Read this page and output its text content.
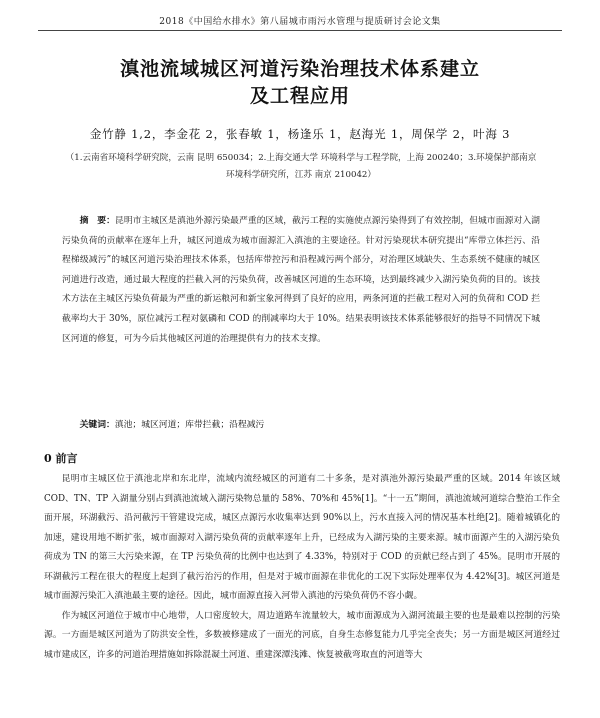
2018《中国给水排水》第八届城市雨污水管理与提质研讨会论文集
滇池流域城区河道污染治理技术体系建立
及工程应用
金竹静 1,2，李金花 2，张春敏 1，杨逢乐 1，赵海光 1，周保学 2，叶海 3
（1.云南省环境科学研究院，云南 昆明 650034；2.上海交通大学 环境科学与工程学院，上海 200240；3.环境保护部南京环境科学研究所，江苏 南京 210042）
摘　要：昆明市主城区是滇池外源污染最严重的区域，截污工程的实施使点源污染得到了有效控制，但城市面源对入湖污染负荷的贡献率在逐年上升，城区河道成为城市面源汇入滇池的主要途径。针对污染现状本研究提出“库带立体拦污、沿程梯级减污”的城区河道污染治理技术体系，包括库带控污和沿程减污两个部分，对治理区域缺失、生态系统不健康的城区河道进行改造，通过最大程度的拦截入河的污染负荷，改善城区河道的生态环境，达到最终减少入湖污染负荷的目的。该技术方法在主城区污染负荷最为严重的新运粮河和新宝象河得到了良好的应用，两条河道的拦截工程对入河的负荷和 COD 拦截率均大于 30%，原位减污工程对氨磷和 COD 的削减率均大于 10%。结果表明该技术体系能够很好的指导不同情况下城区河道的修复，可为今后其他城区河道的治理提供有力的技术支撑。
关键词：滇池；城区河道；库带拦截；沿程减污
0 前言

昆明市主城区位于滇池北岸和东北岸，流域内流经城区的河道有二十多条，是对滇池外源污染最严重的区域。2014 年该区域 COD、TN、TP 入湖量分别占到滇池流域入湖污染物总量的 58%、70%和 45%[1]。“十一五”期间，滇池流域河道综合整治工作全面开展，环湖截污、沿河截污干管建设完成，城区点源污水收集率达到 90%以上，污水直接入河的情况基本杜绝[2]。随着城镇化的加速，建设用地不断扩张，城市面源对入湖污染负荷的贡献率逐年上升，已经成为入湖污染的主要来源。城市面源产生的入湖污染负荷成为 TN 的第三大污染来源，在 TP 污染负荷的比例中也达到了 4.33%，特别对于 COD 的贡献已经占到了 45%。昆明市开展的环湖截污工程在很大的程度上起到了截污治污的作用，但是对于城市面源在非优化的工况下实际处理率仅为 4.42%[3]。城区河道是城市面源污染汇入滇池最主要的途径。因此，城市面源直接入河带入滇池的污染负荷仍不容小觑。

作为城区河道位于城市中心地带，人口密度较大，周边道路车流量较大，城市面源成为入湖河流最主要的也是最难以控制的污染源。一方面是城区河道为了防洪安全性，多数被修建成了一面光的河底，自身生态修复能力几乎完全丧失；另一方面是城区河道经过城市建成区，许多的河道治理措施如拆除混凝土河道、重建深潭浅滩、恢复被截弯取直的河道等大
